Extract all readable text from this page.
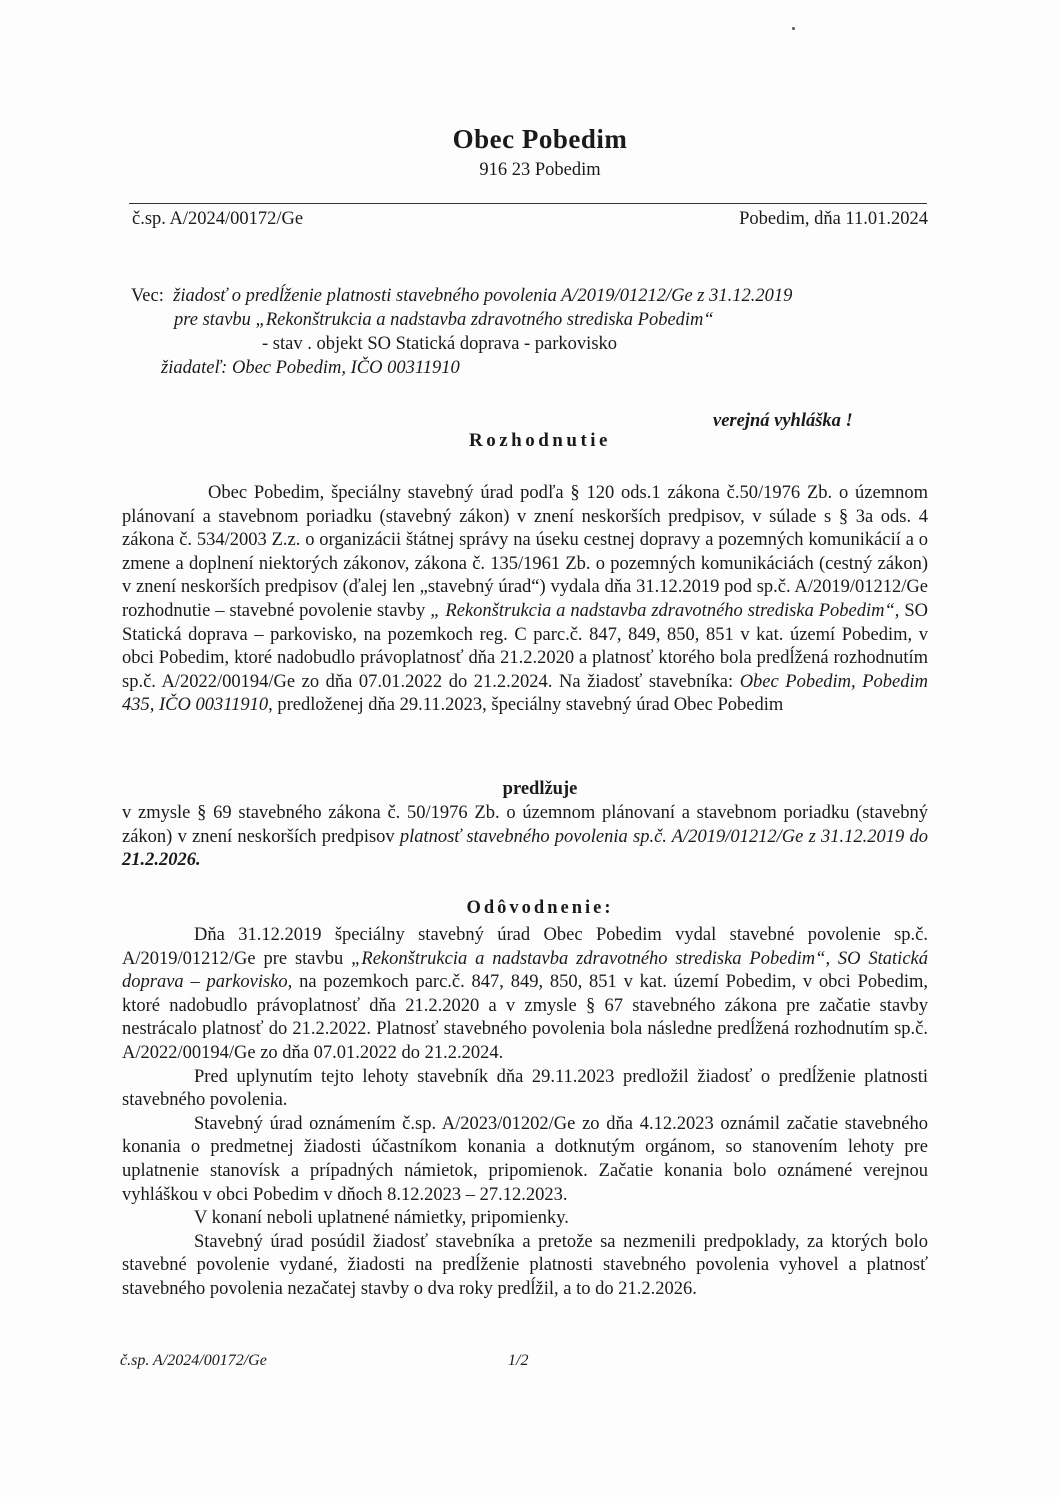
Obec Pobedim
916 23 Pobedim
č.sp. A/2024/00172/Ge	Pobedim, dňa 11.01.2024
Vec: žiadosť o predĺženie platnosti stavebného povolenia A/2019/01212/Ge z 31.12.2019
pre stavbu „Rekonštrukcia a nadstavba zdravotného strediska Pobedim“
- stav . objekt SO Statická doprava - parkovisko
žiadateľ: Obec Pobedim, IČO 00311910
verejná vyhláška !
Rozhodnutie

Obec Pobedim, špeciálny stavebný úrad podľa § 120 ods.1 zákona č.50/1976 Zb. o územnom plánovaní a stavebnom poriadku (stavebný zákon) v znení neskorších predpisov, v súlade s § 3a ods. 4 zákona č. 534/2003 Z.z. o organizácii štátnej správy na úseku cestnej dopravy a pozemných komunikácií a o zmene a doplnení niektorých zákonov, zákona č. 135/1961 Zb. o pozemných komunikáciách (cestný zákon) v znení neskorších predpisov (ďalej len „stavebný úrad“) vydala dňa 31.12.2019 pod sp.č. A/2019/01212/Ge rozhodnutie – stavebné povolenie stavby „ Rekonštrukcia a nadstavba zdravotného strediska Pobedim“, SO Statická doprava – parkovisko, na pozemkoch reg. C parc.č. 847, 849, 850, 851 v kat. území Pobedim, v obci Pobedim, ktoré nadobudlo právoplatnosť dňa 21.2.2020 a platnosť ktorého bola predĺžená rozhodnutím sp.č. A/2022/00194/Ge zo dňa 07.01.2022 do 21.2.2024. Na žiadosť stavebníka: Obec Pobedim, Pobedim 435, IČO 00311910, predloženej dňa 29.11.2023, špeciálny stavebný úrad Obec Pobedim

predlžuje

v zmysle § 69 stavebného zákona č. 50/1976 Zb. o územnom plánovaní a stavebnom poriadku (stavebný zákon) v znení neskorších predpisov platnosť stavebného povolenia sp.č. A/2019/01212/Ge z 31.12.2019 do 21.2.2026.

Odôvodnenie:

Dňa 31.12.2019 špeciálny stavebný úrad Obec Pobedim vydal stavebné povolenie sp.č. A/2019/01212/Ge pre stavbu „Rekonštrukcia a nadstavba zdravotného strediska Pobedim“, SO Statická doprava – parkovisko, na pozemkoch parc.č. 847, 849, 850, 851 v kat. území Pobedim, v obci Pobedim, ktoré nadobudlo právoplatnosť dňa 21.2.2020 a v zmysle § 67 stavebného zákona pre začatie stavby nestrácalo platnosť do 21.2.2022. Platnosť stavebného povolenia bola následne predĺžená rozhodnutím sp.č. A/2022/00194/Ge zo dňa 07.01.2022 do 21.2.2024.

Pred uplynutím tejto lehoty stavebník dňa 29.11.2023 predložil žiadosť o predĺženie platnosti stavebného povolenia.

Stavebný úrad oznámením č.sp. A/2023/01202/Ge zo dňa 4.12.2023 oznámil začatie stavebného konania o predmetnej žiadosti účastníkom konania a dotknutým orgánom, so stanovením lehoty pre uplatnenie stanovísk a prípadných námietok, pripomienok. Začatie konania bolo oznámené verejnou vyhláškou v obci Pobedim v dňoch 8.12.2023 – 27.12.2023.

V konaní neboli uplatnené námietky, pripomienky.

Stavebný úrad posúdil žiadosť stavebníka a pretože sa nezmenili predpoklady, za ktorých bolo stavebné povolenie vydané, žiadosti na predĺženie platnosti stavebného povolenia vyhovel a platnosť stavebného povolenia nezačatej stavby o dva roky predĺžil, a to do 21.2.2026.

č.sp. A/2024/00172/Ge	1/2
